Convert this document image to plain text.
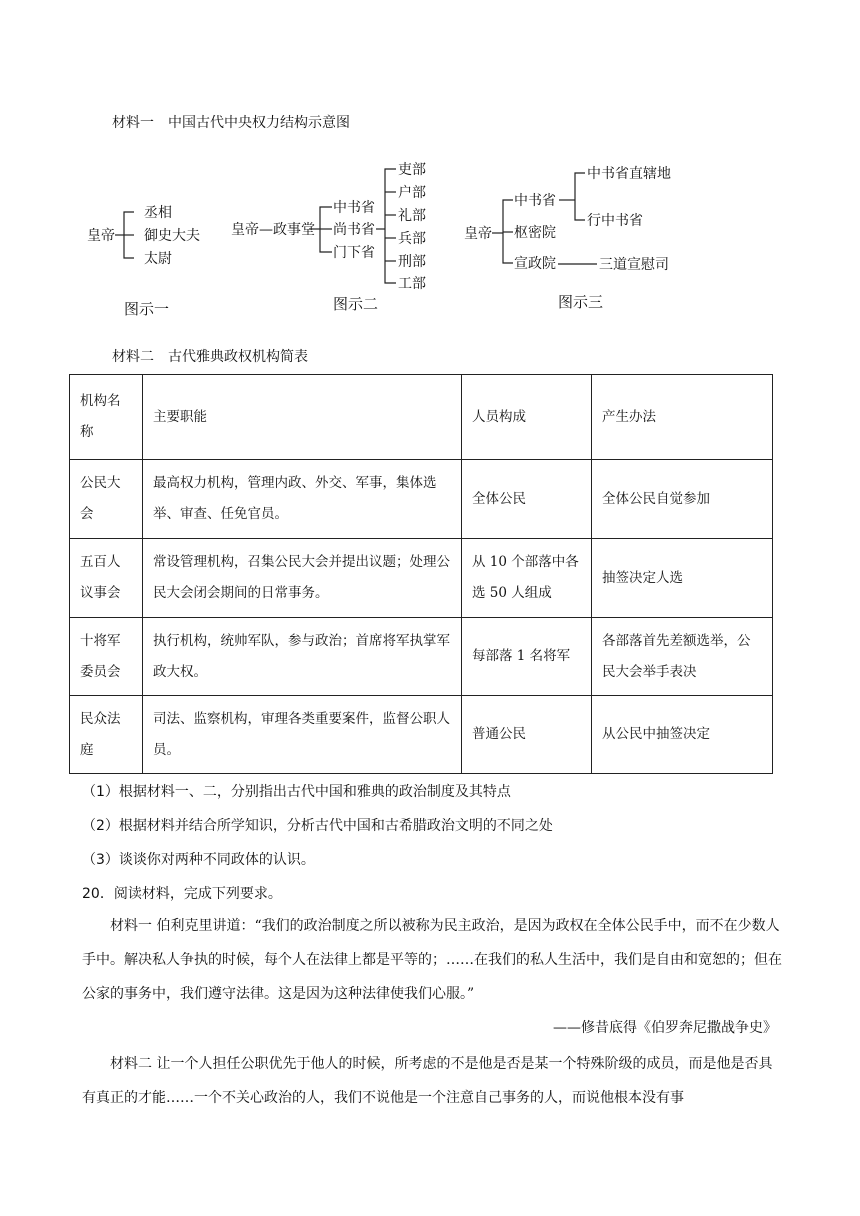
材料一　中国古代中央权力结构示意图
皇帝
丞相
御史大夫
太尉
图示一
皇帝—政事堂
中书省
尚书省
门下省
吏部
户部
礼部
兵部
刑部
工部
图示二
皇帝
中书省
枢密院
宣政院
中书省直辖地
行中书省
三道宣慰司
图示三
材料二　古代雅典政权机构简表
机构名称	主要职能	人员构成	产生办法
公民大会	最高权力机构，管理内政、外交、军事，集体选举、审查、任免官员。	全体公民	全体公民自觉参加
五百人议事会	常设管理机构，召集公民大会并提出议题；处理公民大会闭会期间的日常事务。	从 10 个部落中各选 50 人组成	抽签决定人选
十将军委员会	执行机构，统帅军队，参与政治；首席将军执掌军政大权。	每部落 1 名将军	各部落首先差额选举，公民大会举手表决
民众法庭	司法、监察机构，审理各类重要案件，监督公职人员。	普通公民	从公民中抽签决定
（1）根据材料一、二，分别指出古代中国和雅典的政治制度及其特点
（2）根据材料并结合所学知识，分析古代中国和古希腊政治文明的不同之处
（3）谈谈你对两种不同政体的认识。
20．阅读材料，完成下列要求。
材料一 伯利克里讲道：“我们的政治制度之所以被称为民主政治，是因为政权在全体公民手中，而不在少数人手中。解决私人争执的时候，每个人在法律上都是平等的；……在我们的私人生活中，我们是自由和宽恕的；但在公家的事务中，我们遵守法律。这是因为这种法律使我们心服。”
——修昔底得《伯罗奔尼撒战争史》
材料二 让一个人担任公职优先于他人的时候，所考虑的不是他是否是某一个特殊阶级的成员，而是他是否具有真正的才能……一个不关心政治的人，我们不说他是一个注意自己事务的人，而说他根本没有事
